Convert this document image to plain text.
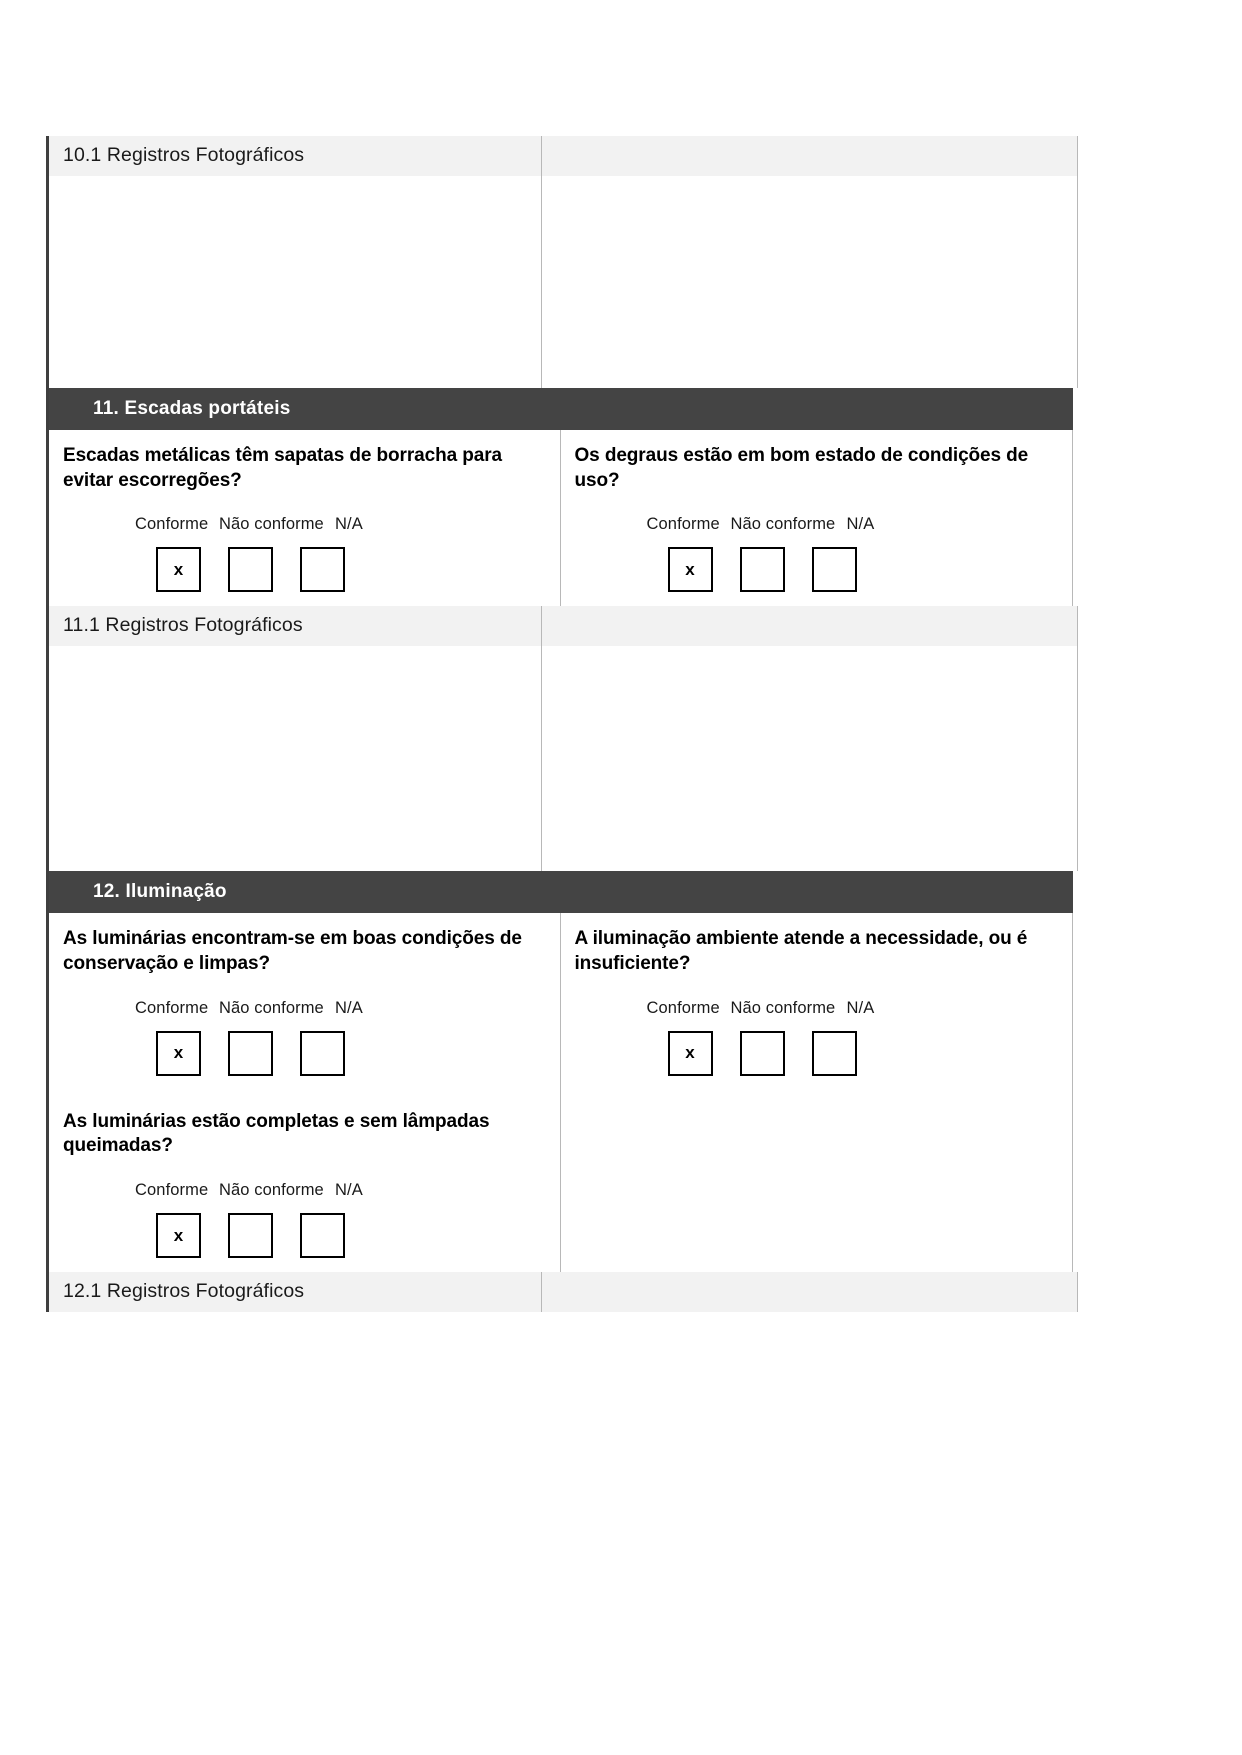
10.1 Registros Fotográficos	

11. Escadas portáteis

Escadas metálicas têm sapatas de borracha para evitar escorregões?
Conforme Não conforme N/A
x

Os degraus estão em bom estado de condições de uso?
Conforme Não conforme N/A
x
11.1 Registros Fotográficos	

12. Iluminação

As luminárias encontram-se em boas condições de conservação e limpas?
Conforme Não conforme N/A
x
As luminárias estão completas e sem lâmpadas queimadas?
Conforme Não conforme N/A
x

A iluminação ambiente atende a necessidade, ou é insuficiente?
Conforme Não conforme N/A
x
12.1 Registros Fotográficos
